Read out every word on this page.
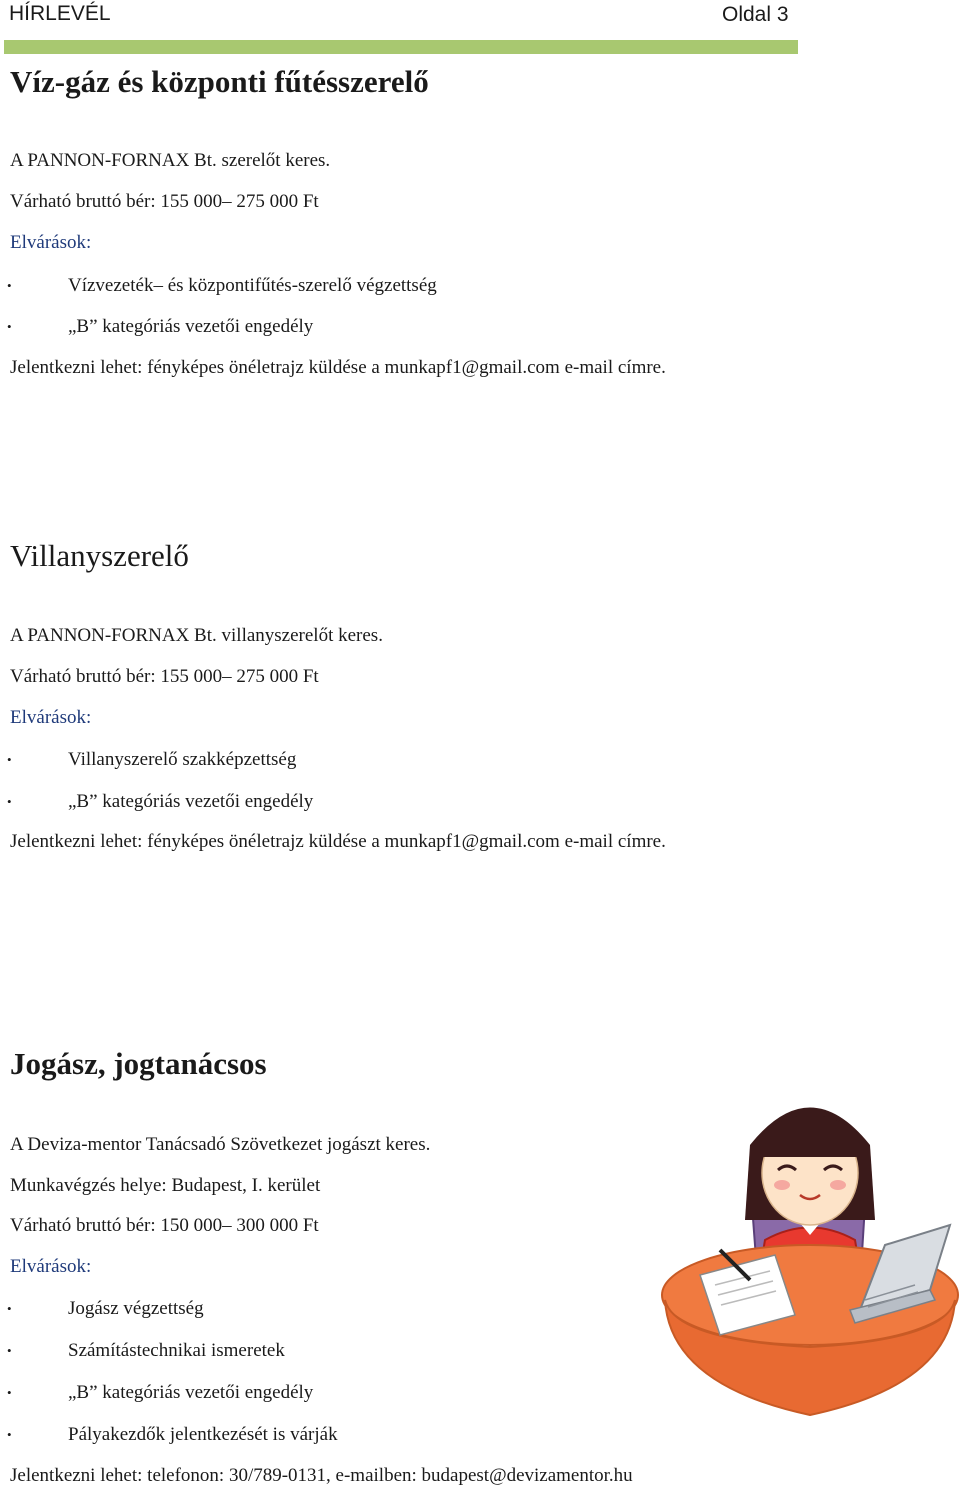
HÍRLEVÉL	Oldal 3
Víz-gáz és központi fűtésszerelő
A PANNON-FORNAX Bt. szerelőt keres.
Várható bruttó bér: 155 000– 275 000 Ft
Elvárások:
•	Vízvezeték– és központifűtés-szerelő végzettség
•	„B” kategóriás vezetői engedély
Jelentkezni lehet: fényképes önéletrajz küldése a munkapf1@gmail.com e-mail címre.
Villanyszerelő
A PANNON-FORNAX Bt. villanyszerelőt keres.
Várható bruttó bér: 155 000– 275 000 Ft
Elvárások:
•	Villanyszerelő szakképzettség
•	„B” kategóriás vezetői engedély
Jelentkezni lehet: fényképes önéletrajz küldése a munkapf1@gmail.com e-mail címre.
Jogász, jogtanácsos
A Deviza-mentor Tanácsadó Szövetkezet jogászt keres.
Munkavégzés helye: Budapest, I. kerület
Várható bruttó bér: 150 000– 300 000 Ft
Elvárások:
•	Jogász végzettség
•	Számítástechnikai ismeretek
•	„B” kategóriás vezetői engedély
•	Pályakezdők jelentkezését is várják
Jelentkezni lehet: telefonon: 30/789-0131, e-mailben: budapest@devizamentor.hu
